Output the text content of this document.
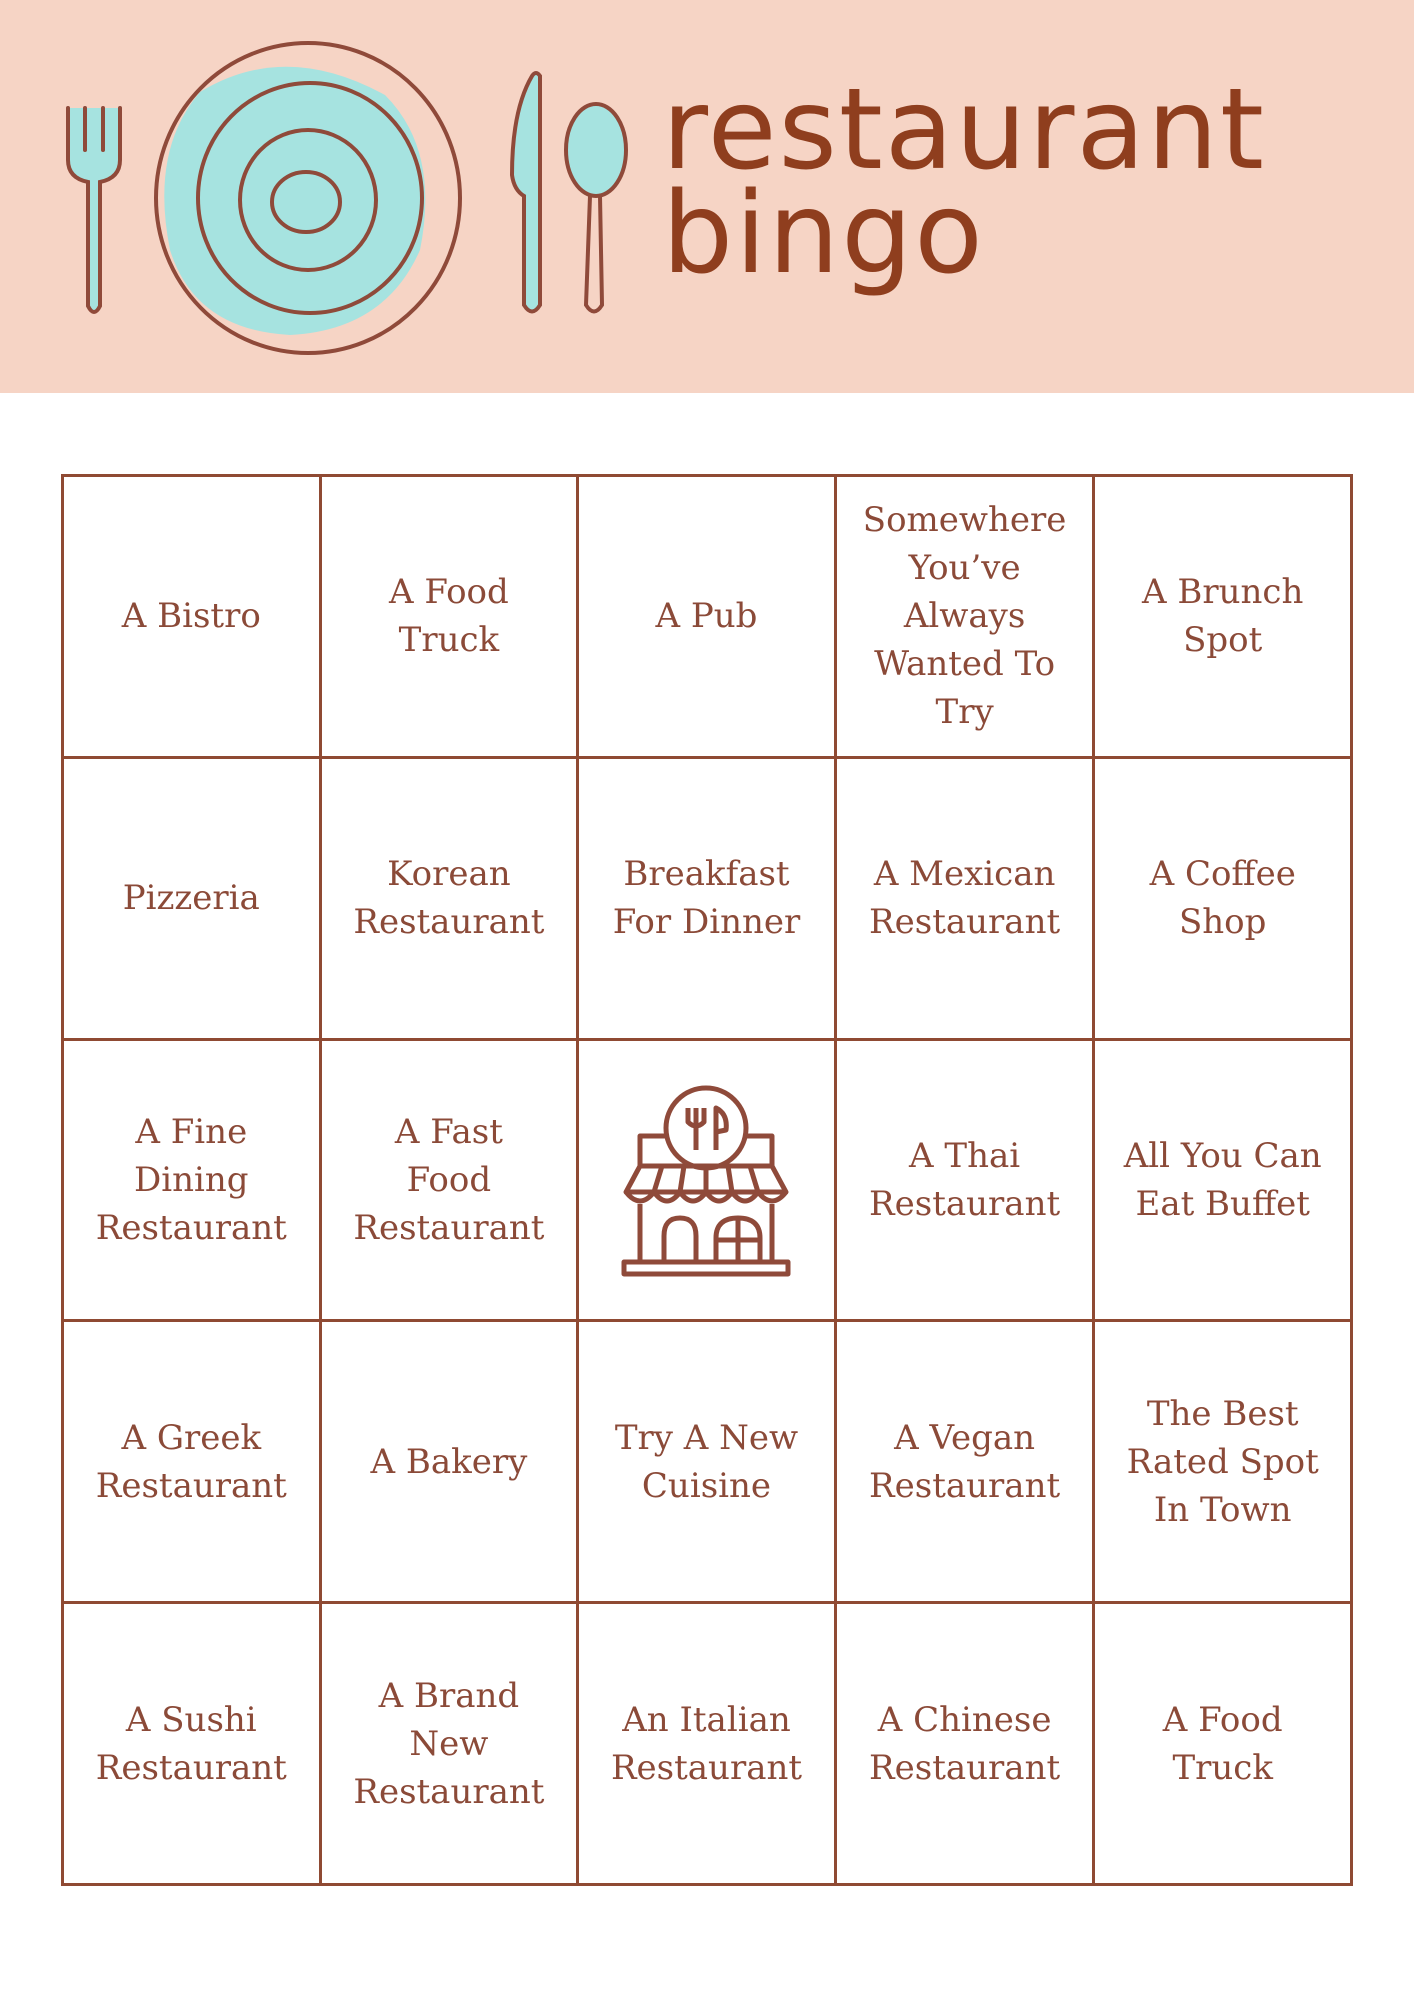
restaurant
bingo
A Bistro
A Food Truck
A Pub
Somewhere You’ve Always Wanted To Try
A Brunch Spot
Pizzeria
Korean Restaurant
Breakfast For Dinner
A Mexican Restaurant
A Coffee Shop
A Fine Dining Restaurant
A Fast Food Restaurant
A Thai Restaurant
All You Can Eat Buffet
A Greek Restaurant
A Bakery
Try A New Cuisine
A Vegan Restaurant
The Best Rated Spot In Town
A Sushi Restaurant
A Brand New Restaurant
An Italian Restaurant
A Chinese Restaurant
A Food Truck
